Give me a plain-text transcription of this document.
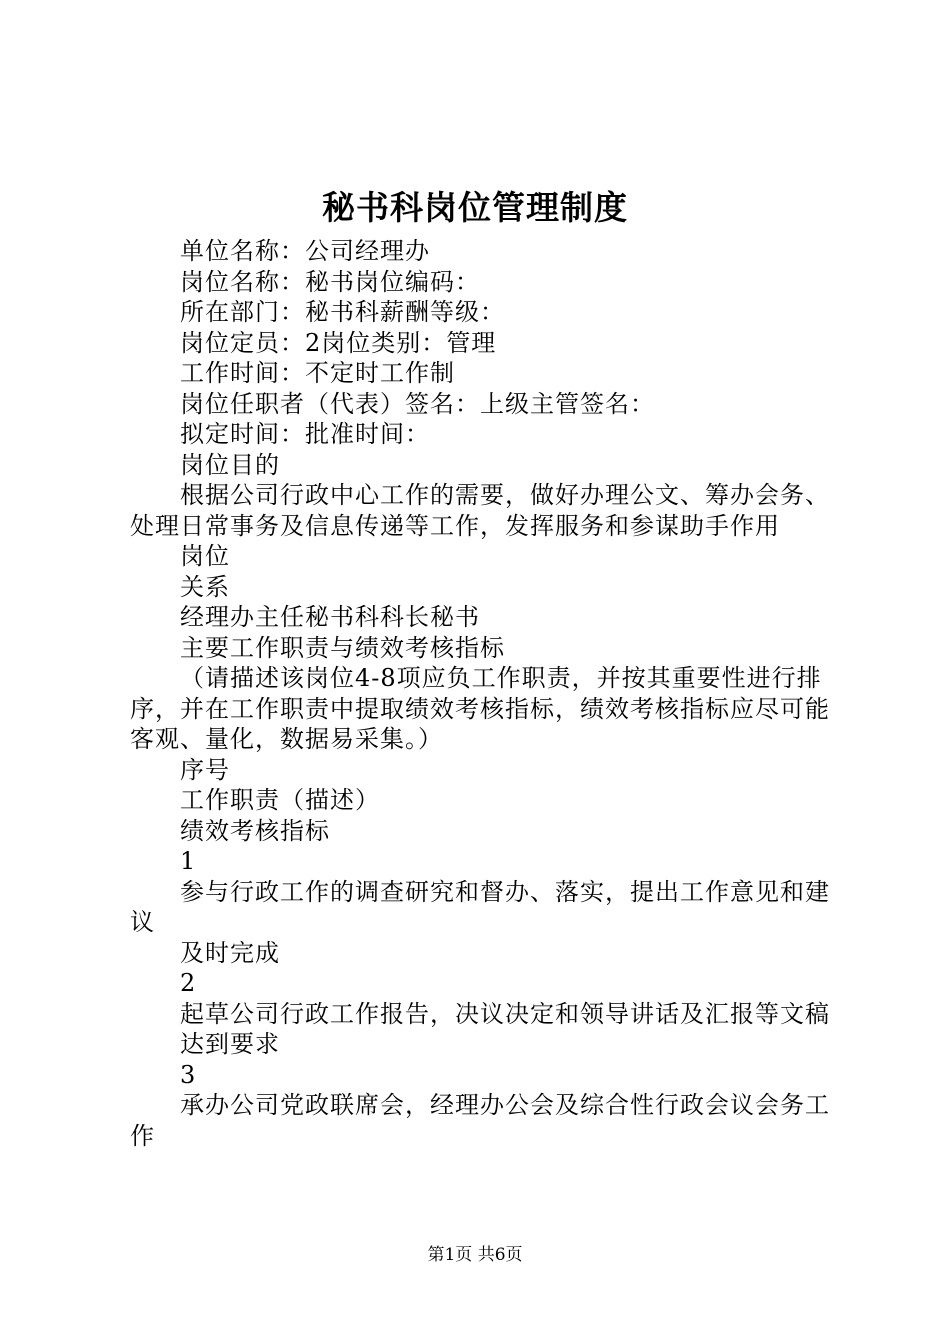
秘书科岗位管理制度

单位名称：公司经理办

岗位名称：秘书岗位编码：

所在部门：秘书科薪酬等级：

岗位定员：2岗位类别：管理

工作时间：不定时工作制

岗位任职者（代表）签名：上级主管签名：

拟定时间：批准时间：

岗位目的

根据公司行政中心工作的需要，做好办理公文、筹办会务、处理日常事务及信息传递等工作，发挥服务和参谋助手作用

岗位

关系

经理办主任秘书科科长秘书

主要工作职责与绩效考核指标

（请描述该岗位4-8项应负工作职责，并按其重要性进行排序，并在工作职责中提取绩效考核指标，绩效考核指标应尽可能客观、量化，数据易采集。）

序号

工作职责（描述）

绩效考核指标

1

参与行政工作的调查研究和督办、落实，提出工作意见和建议

及时完成

2

起草公司行政工作报告，决议决定和领导讲话及汇报等文稿

达到要求

3

承办公司党政联席会，经理办公会及综合性行政会议会务工作

第1页 共6页
